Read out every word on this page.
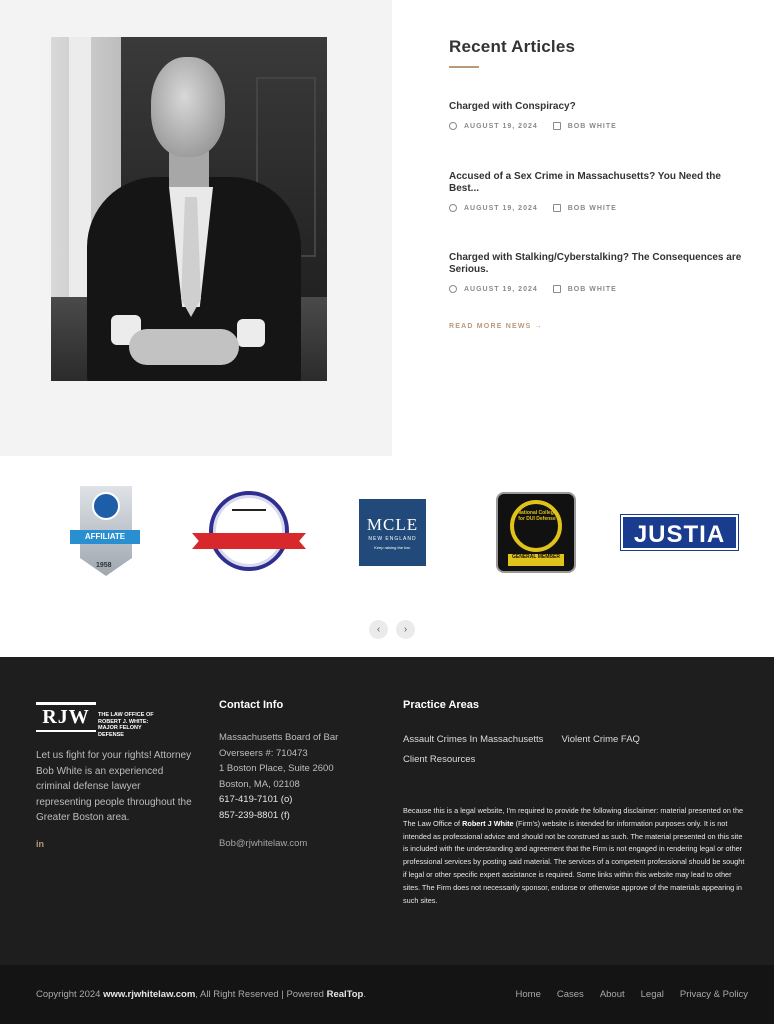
Recent Articles
Charged with Conspiracy?
AUGUST 19, 2024	BOB WHITE
Accused of a Sex Crime in Massachusetts? You Need the Best...
AUGUST 19, 2024	BOB WHITE
Charged with Stalking/Cyberstalking? The Consequences are Serious.
AUGUST 19, 2024	BOB WHITE
READ MORE NEWS →
AFFILIATE
1958
MCLE
NEW ENGLAND
Keep raising the bar.
National College for DUI Defense
GENERAL MEMBER
JUSTIA
‹	›
RJW	THE LAW OFFICE OF ROBERT J. WHITE: MAJOR FELONY DEFENSE

Let us fight for your rights! Attorney Bob White is an experienced criminal defense lawyer representing people throughout the Greater Boston area.

in
Contact Info
Massachusetts Board of Bar Overseers #: 710473
1 Boston Place, Suite 2600
Boston, MA, 02108
617-419-7101 (o)
857-239-8801 (f)
Bob@rjwhitelaw.com
Practice Areas
Assault Crimes In Massachusetts Violent Crime FAQ
Client Resources

Because this is a legal website, I'm required to provide the following disclaimer: material presented on the The Law Office of Robert J White (Firm's) website is intended for information purposes only. It is not intended as professional advice and should not be construed as such. The material presented on this site is included with the understanding and agreement that the Firm is not engaged in rendering legal or other professional services by posting said material. The services of a competent professional should be sought if legal or other specific expert assistance is required. Some links within this website may lead to other sites. The Firm does not necessarily sponsor, endorse or otherwise approve of the materials appearing in such sites.

Copyright 2024 www.rjwhitelaw.com, All Right Reserved | Powered RealTop.	Home Cases About Legal Privacy & Policy
